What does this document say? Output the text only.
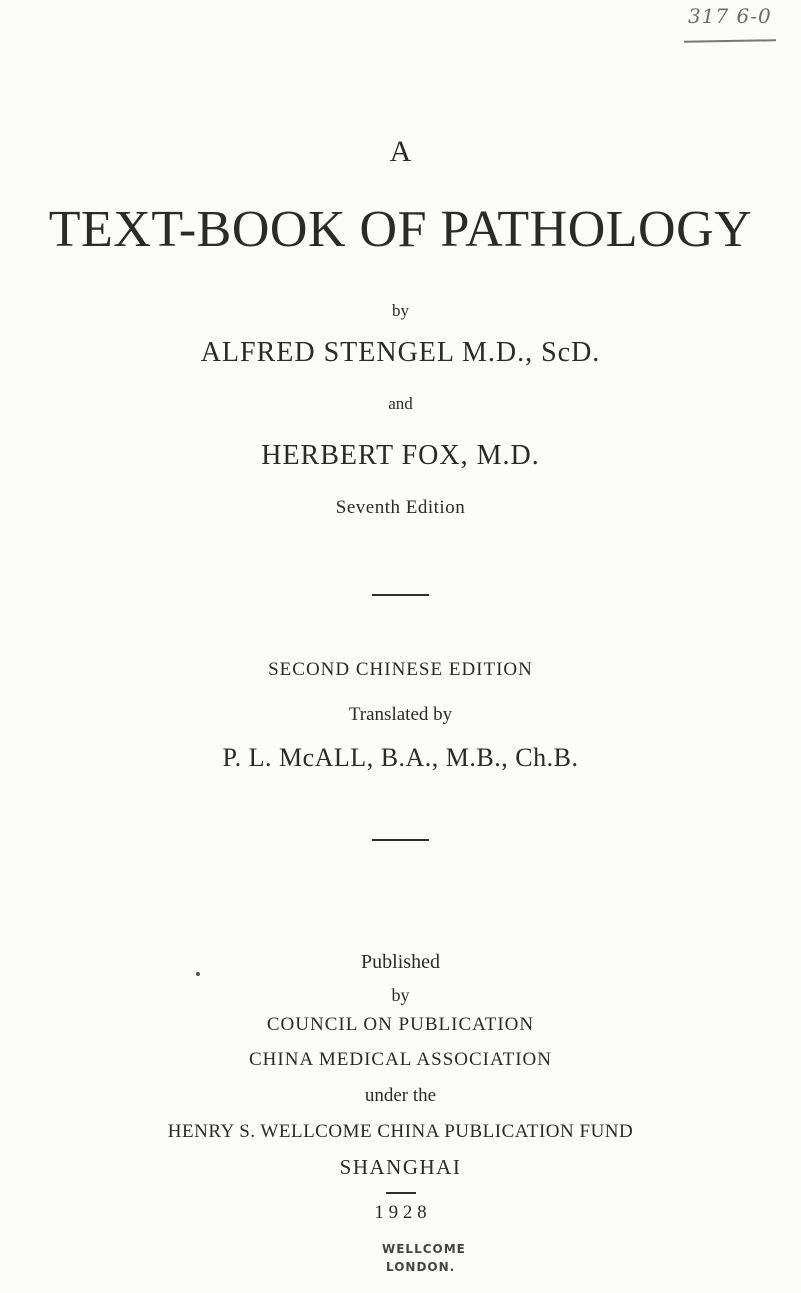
317 6-0
A
TEXT-BOOK OF PATHOLOGY
by
ALFRED STENGEL M.D., ScD.
and
HERBERT FOX, M.D.
Seventh Edition
SECOND CHINESE EDITION
Translated by
P. L. McALL, B.A., M.B., Ch.B.
Published
by
COUNCIL ON PUBLICATION
CHINA MEDICAL ASSOCIATION
under the
HENRY S. WELLCOME CHINA PUBLICATION FUND
SHANGHAI
1 9 2 8
WELLCOME
LONDON.
